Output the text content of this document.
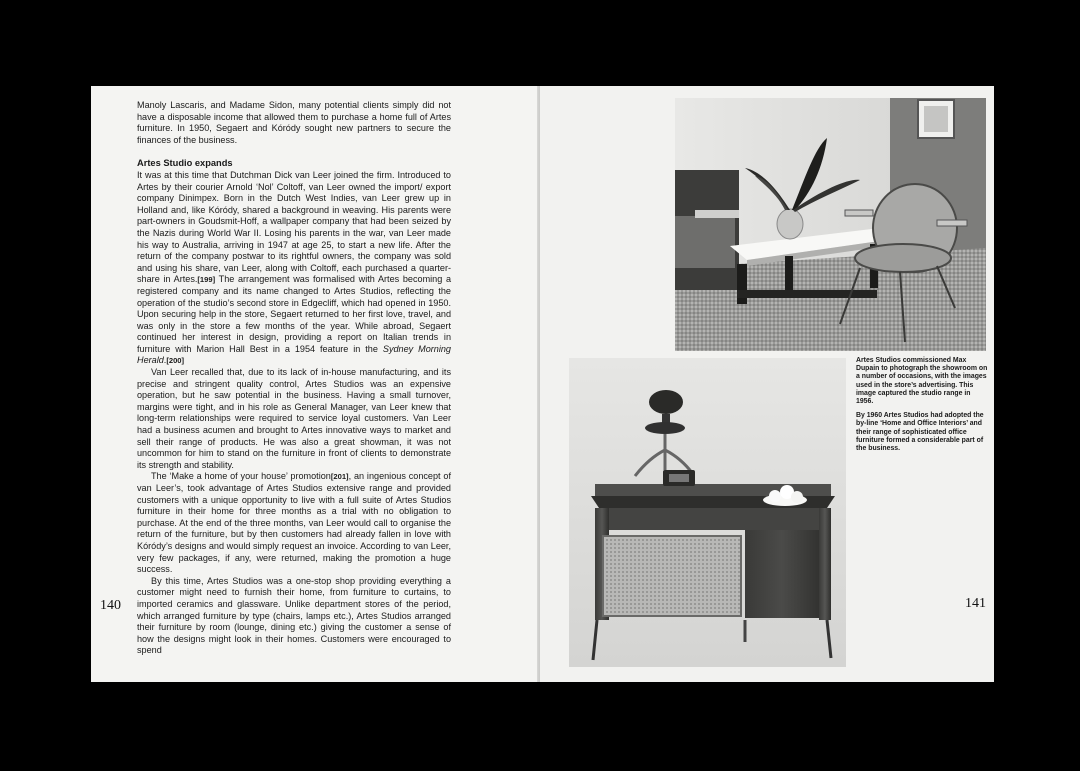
Manoly Lascaris, and Madame Sidon, many potential clients simply did not have a disposable income that allowed them to purchase a home full of Artes furniture. In 1950, Segaert and Kóródy sought new partners to secure the finances of the business.

Artes Studio expands

It was at this time that Dutchman Dick van Leer joined the firm. Introduced to Artes by their courier Arnold ‘Nol’ Coltoff, van Leer owned the import/ export company Dinimpex. Born in the Dutch West Indies, van Leer grew up in Holland and, like Kóródy, shared a background in weaving. His parents were part-owners in Goudsmit-Hoff, a wallpaper company that had been seized by the Nazis during World War II. Losing his parents in the war, van Leer made his way to Australia, arriving in 1947 at age 25, to start a new life. After the return of the company postwar to its rightful owners, the company was sold and using his share, van Leer, along with Coltoff, each purchased a quarter-share in Artes.[199] The arrangement was formalised with Artes becoming a registered company and its name changed to Artes Studios, reflecting the operation of the studio’s second store in Edgecliff, which had opened in 1950. Upon securing help in the store, Segaert returned to her first love, travel, and was only in the store a few months of the year. While abroad, Segaert continued her interest in design, providing a report on Italian trends in furniture with Marion Hall Best in a 1954 feature in the Sydney Morning Herald.[200]

Van Leer recalled that, due to its lack of in-house manufacturing, and its precise and stringent quality control, Artes Studios was an expensive operation, but he saw potential in the business. Having a small turnover, margins were tight, and in his role as General Manager, van Leer knew that long-term relationships were required to service loyal customers. Van Leer had a business acumen and brought to Artes innovative ways to market and sell their range of products. He was also a great showman, it was not uncommon for him to stand on the furniture in front of clients to demonstrate its strength and stability.

The ‘Make a home of your house’ promotion[201], an ingenious concept of van Leer’s, took advantage of Artes Studios extensive range and provided customers with a unique opportunity to live with a full suite of Artes Studios furniture in their home for three months as a trial with no obligation to purchase. At the end of the three months, van Leer would call to organise the return of the furniture, but by then customers had already fallen in love with Kóródy’s designs and would simply request an invoice. According to van Leer, very few packages, if any, were returned, making the promotion a huge success.

By this time, Artes Studios was a one-stop shop providing everything a customer might need to furnish their home, from furniture to curtains, to imported ceramics and glassware. Unlike department stores of the period, which arranged furniture by type (chairs, lamps etc.), Artes Studios arranged their furniture by room (lounge, dining etc.) giving the customer a sense of how the designs might look in their homes. Customers were encouraged to spend

140

Artes Studios commissioned Max Dupain to photograph the showroom on a number of occasions, with the images used in the store’s advertising. This image captured the studio range in 1956.

By 1960 Artes Studios had adopted the by-line ‘Home and Office Interiors’ and their range of sophisticated office furniture formed a considerable part of the business.

141
